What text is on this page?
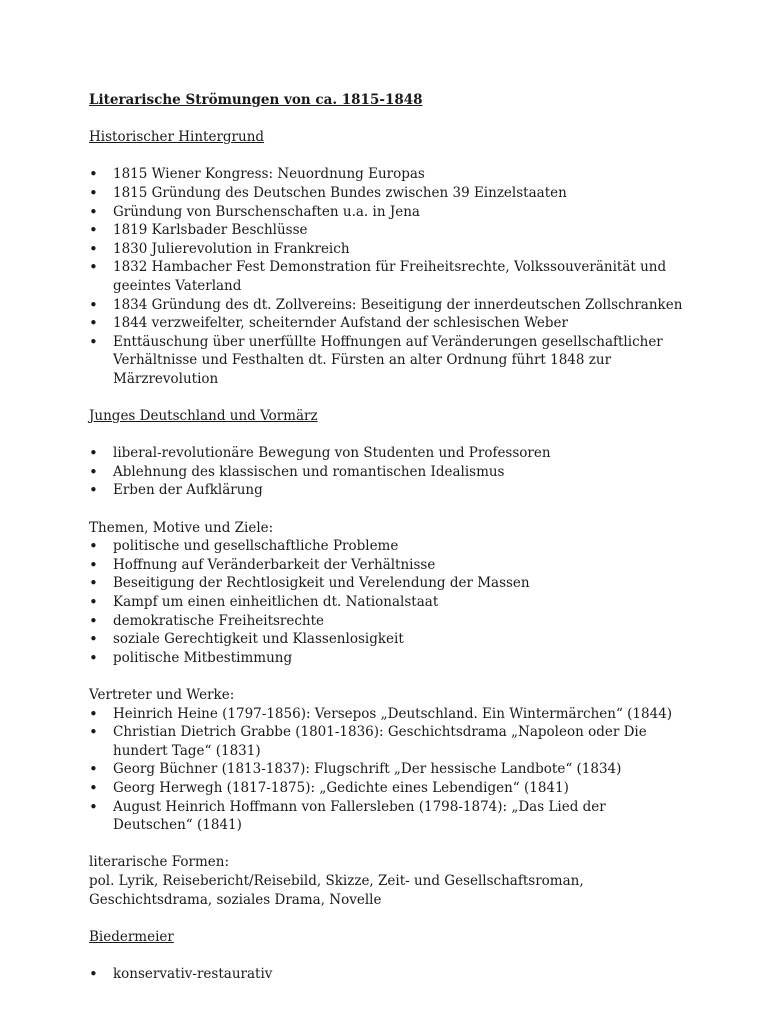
Literarische Strömungen von ca. 1815-1848

Historischer Hintergrund

• 1815 Wiener Kongress: Neuordnung Europas
• 1815 Gründung des Deutschen Bundes zwischen 39 Einzelstaaten
• Gründung von Burschenschaften u.a. in Jena
• 1819 Karlsbader Beschlüsse
• 1830 Julierevolution in Frankreich
• 1832 Hambacher Fest Demonstration für Freiheitsrechte, Volkssouveränität und geeintes Vaterland
• 1834 Gründung des dt. Zollvereins: Beseitigung der innerdeutschen Zollschranken
• 1844 verzweifelter, scheiternder Aufstand der schlesischen Weber
• Enttäuschung über unerfüllte Hoffnungen auf Veränderungen gesellschaftlicher Verhältnisse und Festhalten dt. Fürsten an alter Ordnung führt 1848 zur Märzrevolution

Junges Deutschland und Vormärz

• liberal-revolutionäre Bewegung von Studenten und Professoren
• Ablehnung des klassischen und romantischen Idealismus
• Erben der Aufklärung

Themen, Motive und Ziele:

• politische und gesellschaftliche Probleme
• Hoffnung auf Veränderbarkeit der Verhältnisse
• Beseitigung der Rechtlosigkeit und Verelendung der Massen
• Kampf um einen einheitlichen dt. Nationalstaat
• demokratische Freiheitsrechte
• soziale Gerechtigkeit und Klassenlosigkeit
• politische Mitbestimmung

Vertreter und Werke:

• Heinrich Heine (1797-1856): Versepos „Deutschland. Ein Wintermärchen“ (1844)
• Christian Dietrich Grabbe (1801-1836): Geschichtsdrama „Napoleon oder Die hundert Tage“ (1831)
• Georg Büchner (1813-1837): Flugschrift „Der hessische Landbote“ (1834)
• Georg Herwegh (1817-1875): „Gedichte eines Lebendigen“ (1841)
• August Heinrich Hoffmann von Fallersleben (1798-1874): „Das Lied der Deutschen“ (1841)

literarische Formen:

pol. Lyrik, Reisebericht/Reisebild, Skizze, Zeit- und Gesellschaftsroman, Geschichtsdrama, soziales Drama, Novelle

Biedermeier

• konservativ-restaurativ
